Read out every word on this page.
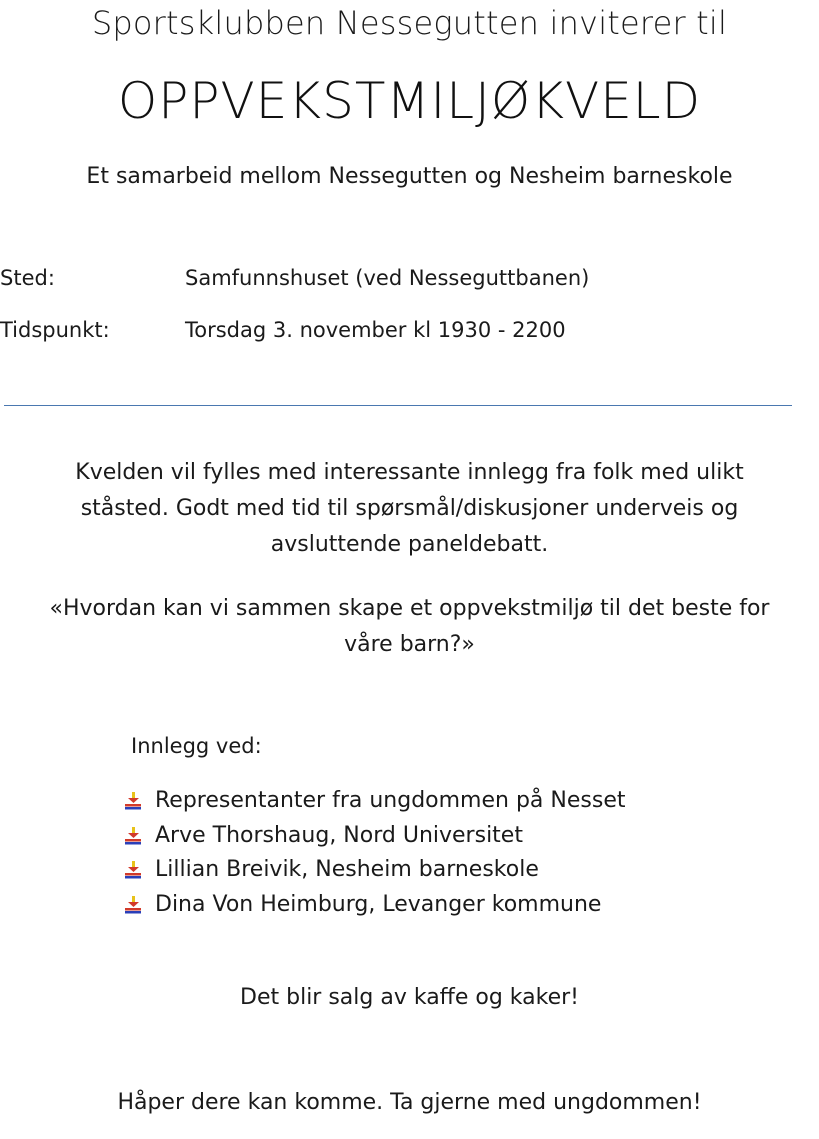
Sportsklubben Nessegutten inviterer til
OPPVEKSTMILJØKVELD
Et samarbeid mellom Nessegutten og Nesheim barneskole
Sted:	Samfunnshuset (ved Nesseguttbanen)
Tidspunkt:	Torsdag 3. november kl 1930 - 2200
Kvelden vil fylles med interessante innlegg fra folk med ulikt
ståsted. Godt med tid til spørsmål/diskusjoner underveis og
avsluttende paneldebatt.
«Hvordan kan vi sammen skape et oppvekstmiljø til det beste for
våre barn?»
Innlegg ved:
Representanter fra ungdommen på Nesset
Arve Thorshaug, Nord Universitet
Lillian Breivik, Nesheim barneskole
Dina Von Heimburg, Levanger kommune
Det blir salg av kaffe og kaker!
Håper dere kan komme. Ta gjerne med ungdommen!
